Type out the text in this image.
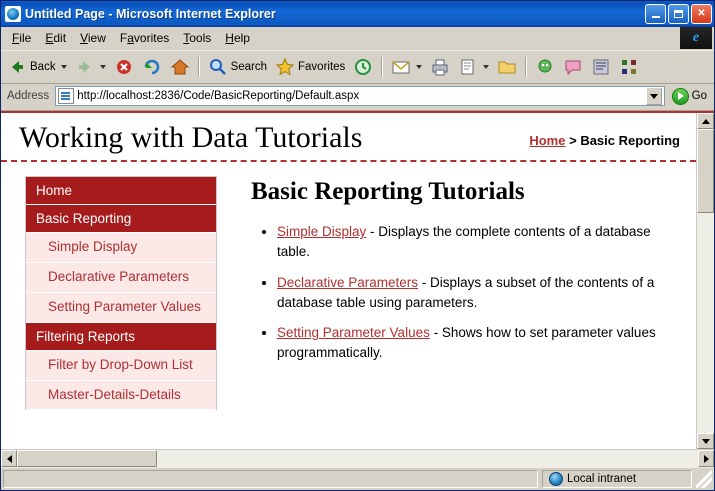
Untitled Page - Microsoft Internet Explorer	✕
File	Edit	View	Favorites	Tools	Help	e
Back	Search	Favorites
Address http://localhost:2836/Code/BasicReporting/Default.aspx	Go
Working with Data Tutorials	Home > Basic Reporting
Home
Basic Reporting
Simple Display
Declarative Parameters
Setting Parameter Values
Filtering Reports
Filter by Drop-Down List
Master-Details-Details
Basic Reporting Tutorials
• Simple Display - Displays the complete contents of a database table.
• Declarative Parameters - Displays a subset of the contents of a database table using parameters.
• Setting Parameter Values - Shows how to set parameter values programmatically.
Local intranet
